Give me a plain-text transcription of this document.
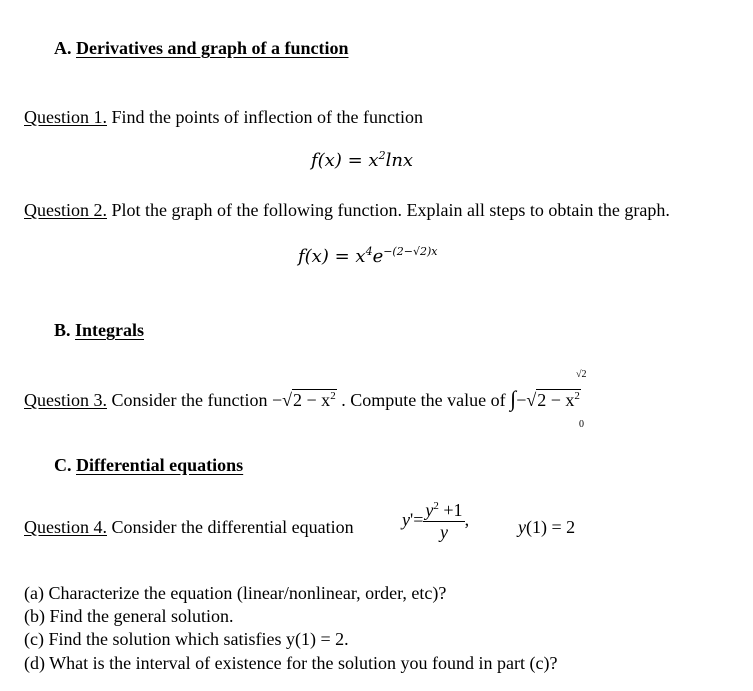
A. Derivatives and graph of a function
Question 1. Find the points of inflection of the function
$f(x) = x^2\ln x$
Question 2. Plot the graph of the following function. Explain all steps to obtain the graph.
$f(x) = x^4e^{-(2-√2)x}$
B. Integrals
Question 3. Consider the function $-√2 - x^2$ . Compute the value of $\int-√2 - x^2$
√2
0
C. Differential equations
Question 4. Consider the differential equation	$y'= \frac{y^2 +1}{y}$ ,	y(1) = 2
(a) Characterize the equation (linear/nonlinear, order, etc)?
(b) Find the general solution.
(c) Find the solution which satisfies y(1) = 2.
(d) What is the interval of existence for the solution you found in part (c)?
